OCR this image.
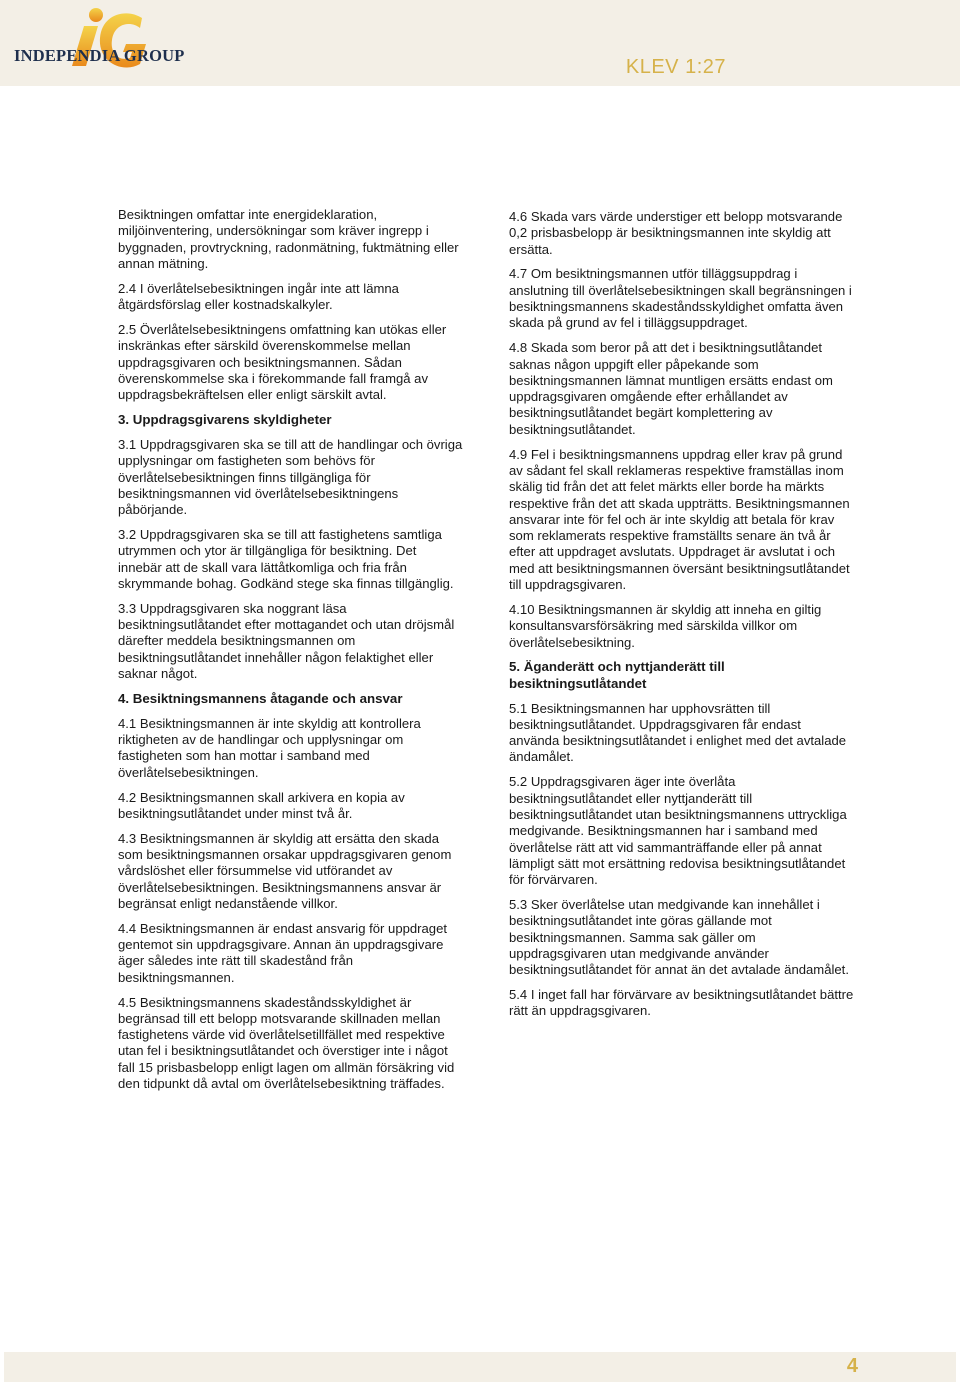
INDEPENDIA GROUP
KLEV 1:27

Besiktningen omfattar inte energideklaration, miljöinventering, undersökningar som kräver ingrepp i byggnaden, provtryckning, radonmätning, fuktmätning eller annan mätning.

2.4 I överlåtelsebesiktningen ingår inte att lämna åtgärdsförslag eller kostnadskalkyler.

2.5 Överlåtelsebesiktningens omfattning kan utökas eller inskränkas efter särskild överenskommelse mellan uppdragsgivaren och besiktningsmannen. Sådan överenskommelse ska i förekommande fall framgå av uppdragsbekräftelsen eller enligt särskilt avtal.

3. Uppdragsgivarens skyldigheter

3.1 Uppdragsgivaren ska se till att de handlingar och övriga upplysningar om fastigheten som behövs för överlåtelsebesiktningen finns tillgängliga för besiktningsmannen vid överlåtelsebesiktningens påbörjande.

3.2 Uppdragsgivaren ska se till att fastighetens samtliga utrymmen och ytor är tillgängliga för besiktning. Det innebär att de skall vara lättåtkomliga och fria från skrymmande bohag. Godkänd stege ska finnas tillgänglig.

3.3 Uppdragsgivaren ska noggrant läsa besiktningsutlåtandet efter mottagandet och utan dröjsmål därefter meddela besiktningsmannen om besiktningsutlåtandet innehåller någon felaktighet eller saknar något.

4. Besiktningsmannens åtagande och ansvar

4.1 Besiktningsmannen är inte skyldig att kontrollera riktigheten av de handlingar och upplysningar om fastigheten som han mottar i samband med överlåtelsebesiktningen.

4.2 Besiktningsmannen skall arkivera en kopia av besiktningsutlåtandet under minst två år.

4.3 Besiktningsmannen är skyldig att ersätta den skada som besiktningsmannen orsakar uppdragsgivaren genom vårdslöshet eller försummelse vid utförandet av överlåtelsebesiktningen. Besiktningsmannens ansvar är begränsat enligt nedanstående villkor.

4.4 Besiktningsmannen är endast ansvarig för uppdraget gentemot sin uppdragsgivare. Annan än uppdragsgivare äger således inte rätt till skadestånd från besiktningsmannen.

4.5 Besiktningsmannens skadeståndsskyldighet är begränsad till ett belopp motsvarande skillnaden mellan fastighetens värde vid överlåtelsetillfället med respektive utan fel i besiktningsutlåtandet och överstiger inte i något fall 15 prisbasbelopp enligt lagen om allmän försäkring vid den tidpunkt då avtal om överlåtelsebesiktning träffades.

4.6 Skada vars värde understiger ett belopp motsvarande 0,2 prisbasbelopp är besiktningsmannen inte skyldig att ersätta.

4.7 Om besiktningsmannen utför tilläggsuppdrag i anslutning till överlåtelsebesiktningen skall begränsningen i besiktningsmannens skadeståndsskyldighet omfatta även skada på grund av fel i tilläggsuppdraget.

4.8 Skada som beror på att det i besiktningsutlåtandet saknas någon uppgift eller påpekande som besiktningsmannen lämnat muntligen ersätts endast om uppdragsgivaren omgående efter erhållandet av besiktningsutlåtandet begärt komplettering av besiktningsutlåtandet.

4.9 Fel i besiktningsmannens uppdrag eller krav på grund av sådant fel skall reklameras respektive framställas inom skälig tid från det att felet märkts eller borde ha märkts respektive från det att skada uppträtts. Besiktningsmannen ansvarar inte för fel och är inte skyldig att betala för krav som reklamerats respektive framställts senare än två år efter att uppdraget avslutats. Uppdraget är avslutat i och med att besiktningsmannen översänt besiktningsutlåtandet till uppdragsgivaren.

4.10 Besiktningsmannen är skyldig att inneha en giltig konsultansvarsförsäkring med särskilda villkor om överlåtelsebesiktning.

5. Äganderätt och nyttjanderätt till besiktningsutlåtandet

5.1 Besiktningsmannen har upphovsrätten till besiktningsutlåtandet. Uppdragsgivaren får endast använda besiktningsutlåtandet i enlighet med det avtalade ändamålet.

5.2 Uppdragsgivaren äger inte överlåta besiktningsutlåtandet eller nyttjanderätt till besiktningsutlåtandet utan besiktningsmannens uttryckliga medgivande. Besiktningsmannen har i samband med överlåtelse rätt att vid sammanträffande eller på annat lämpligt sätt mot ersättning redovisa besiktningsutlåtandet för förvärvaren.

5.3 Sker överlåtelse utan medgivande kan innehållet i besiktningsutlåtandet inte göras gällande mot besiktningsmannen. Samma sak gäller om uppdragsgivaren utan medgivande använder besiktningsutlåtandet för annat än det avtalade ändamålet.

5.4 I inget fall har förvärvare av besiktningsutlåtandet bättre rätt än uppdragsgivaren.

4
